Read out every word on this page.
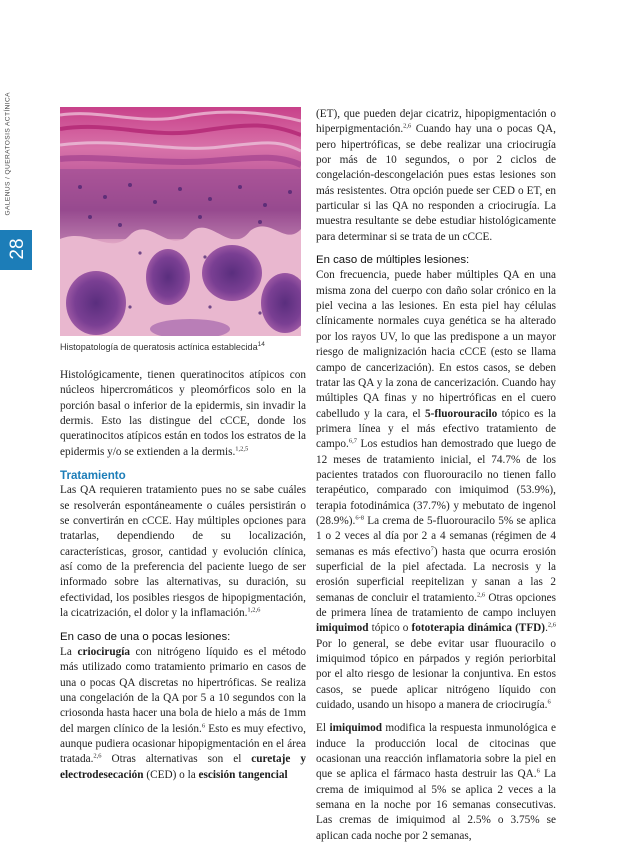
28
GALENUS / QUERATOSIS ACTÍNICA
Histopatología de queratosis actínica establecida$^{14}$

Histológicamente, tienen queratinocitos atípicos con núcleos hipercromáticos y pleomórficos solo en la porción basal o inferior de la epidermis, sin invadir la dermis. Esto las distingue del cCCE, donde los queratinocitos atípicos están en todos los estratos de la epidermis y/o se extienden a la dermis.$^{1,2,5}$

Tratamiento

Las QA requieren tratamiento pues no se sabe cuáles se resolverán espontáneamente o cuáles persistirán o se convertirán en cCCE. Hay múltiples opciones para tratarlas, dependiendo de su localización, características, grosor, cantidad y evolución clínica, así como de la preferencia del paciente luego de ser informado sobre las alternativas, su duración, su efectividad, los posibles riesgos de hipopigmentación, la cicatrización, el dolor y la inflamación.$^{1,2,6}$

En caso de una o pocas lesiones:

La criocirugía con nitrógeno líquido es el método más utilizado como tratamiento primario en casos de una o pocas QA discretas no hipertróficas. Se realiza una congelación de la QA por 5 a 10 segundos con la criosonda hasta hacer una bola de hielo a más de 1mm del margen clínico de la lesión.$^6$ Esto es muy efectivo, aunque pudiera ocasionar hipopigmentación en el área tratada.$^{2,6}$ Otras alternativas son el curetaje y electrodesecación (CED) o la escisión tangencial

(ET), que pueden dejar cicatriz, hipopigmentación o hiperpigmentación.$^{2,6}$ Cuando hay una o pocas QA, pero hipertróficas, se debe realizar una criocirugía por más de 10 segundos, o por 2 ciclos de congelación-descongelación pues estas lesiones son más resistentes. Otra opción puede ser CED o ET, en particular si las QA no responden a criocirugía. La muestra resultante se debe estudiar histológicamente para determinar si se trata de un cCCE.

En caso de múltiples lesiones:

Con frecuencia, puede haber múltiples QA en una misma zona del cuerpo con daño solar crónico en la piel vecina a las lesiones. En esta piel hay células clínicamente normales cuya genética se ha alterado por los rayos UV, lo que las predispone a un mayor riesgo de malignización hacia cCCE (esto se llama campo de cancerización). En estos casos, se deben tratar las QA y la zona de cancerización. Cuando hay múltiples QA finas y no hipertróficas en el cuero cabelludo y la cara, el 5-fluorouracilo tópico es la primera línea y el más efectivo tratamiento de campo.$^{6,7}$ Los estudios han demostrado que luego de 12 meses de tratamiento inicial, el 74.7% de los pacientes tratados con fluorouracilo no tienen fallo terapéutico, comparado con imiquimod (53.9%), terapia fotodinámica (37.7%) y mebutato de ingenol (28.9%).$^{6-8}$ La crema de 5-fluorouracilo 5% se aplica 1 o 2 veces al día por 2 a 4 semanas (régimen de 4 semanas es más efectivo$^7$) hasta que ocurra erosión superficial de la piel afectada. La necrosis y la erosión superficial reepitelizan y sanan a las 2 semanas de concluir el tratamiento.$^{2,6}$ Otras opciones de primera línea de tratamiento de campo incluyen imiquimod tópico o fototerapia dinámica (TFD).$^{2,6}$ Por lo general, se debe evitar usar fluouracilo o imiquimod tópico en párpados y región periorbital por el alto riesgo de lesionar la conjuntiva. En estos casos, se puede aplicar nitrógeno líquido con cuidado, usando un hisopo a manera de criocirugía.$^6$

El imiquimod modifica la respuesta inmunológica e induce la producción local de citocinas que ocasionan una reacción inflamatoria sobre la piel en que se aplica el fármaco hasta destruir las QA.$^6$ La crema de imiquimod al 5% se aplica 2 veces a la semana en la noche por 16 semanas consecutivas. Las cremas de imiquimod al 2.5% o 3.75% se aplican cada noche por 2 semanas,
